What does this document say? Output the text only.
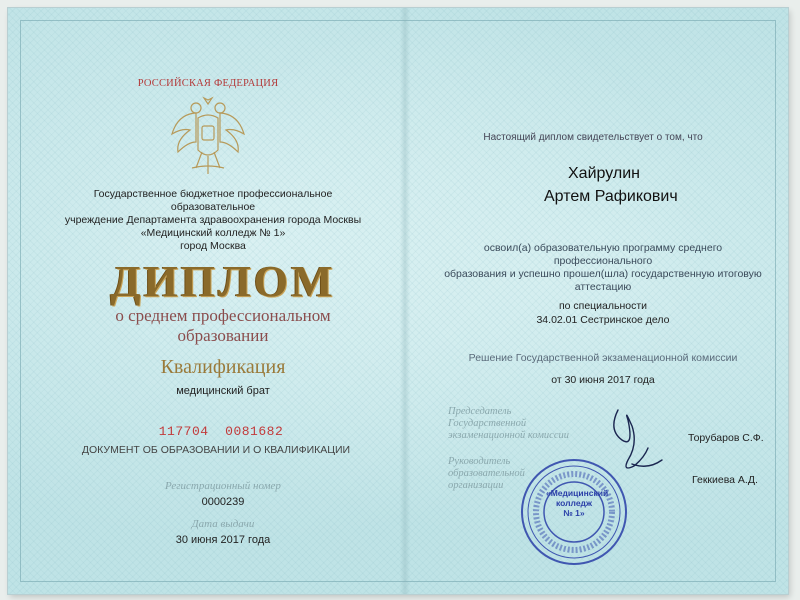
РОССИЙСКАЯ ФЕДЕРАЦИЯ
Государственное бюджетное профессиональное образовательное
учреждение Департамента здравоохранения города Москвы
«Медицинский колледж № 1»
город Москва
ДИПЛОМ
о среднем профессиональном
образовании
Квалификация
медицинский брат
117704  0081682
ДОКУМЕНТ ОБ ОБРАЗОВАНИИ И О КВАЛИФИКАЦИИ
Регистрационный номер
0000239
Дата выдачи
30 июня 2017 года
Настоящий диплом свидетельствует о том, что
Хайрулин
Артем Рафикович
освоил(а) образовательную программу среднего профессионального
образования и успешно прошел(шла) государственную итоговую
аттестацию
по специальности
34.02.01 Сестринское дело
Решение Государственной экзаменационной комиссии
от 30 июня 2017 года
Председатель
Государственной
экзаменационной комиссии	Торубаров С.Ф.
Руководитель образовательной
организации	Геккиева А.Д.
«Медицинский
колледж
№ 1»
